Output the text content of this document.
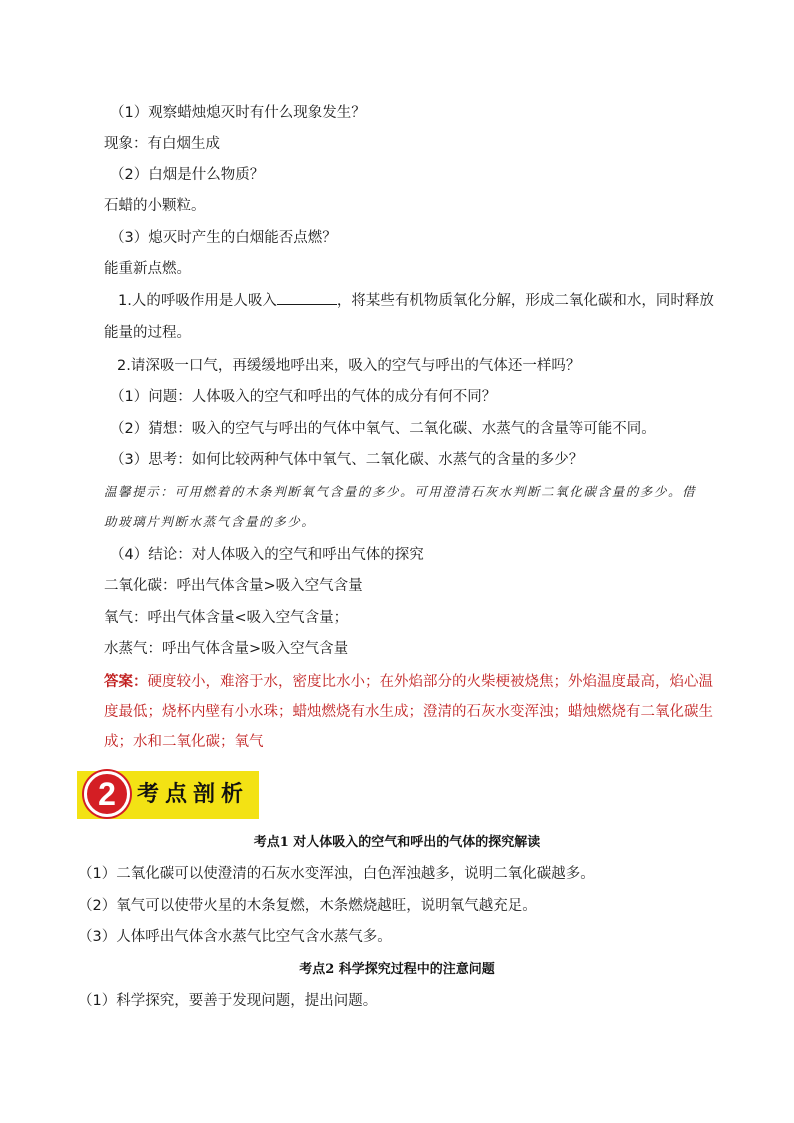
（1）观察蜡烛熄灭时有什么现象发生？
现象：有白烟生成
（2）白烟是什么物质？
石蜡的小颗粒。
（3）熄灭时产生的白烟能否点燃？
能重新点燃。
1.人的呼吸作用是人吸入	，将某些有机物质氧化分解，形成二氧化碳和水，同时释放能量的过程。
2.请深吸一口气，再缓缓地呼出来，吸入的空气与呼出的气体还一样吗？
（1）问题：人体吸入的空气和呼出的气体的成分有何不同？
（2）猜想：吸入的空气与呼出的气体中氧气、二氧化碳、水蒸气的含量等可能不同。
（3）思考：如何比较两种气体中氧气、二氧化碳、水蒸气的含量的多少？
温馨提示：可用燃着的木条判断氧气含量的多少。可用澄清石灰水判断二氧化碳含量的多少。借助玻璃片判断水蒸气含量的多少。
（4）结论：对人体吸入的空气和呼出气体的探究
二氧化碳：呼出气体含量>吸入空气含量
氧气：呼出气体含量<吸入空气含量；
水蒸气：呼出气体含量>吸入空气含量
答案：硬度较小，难溶于水，密度比水小；在外焰部分的火柴梗被烧焦；外焰温度最高，焰心温度最低；烧杯内壁有小水珠；蜡烛燃烧有水生成；澄清的石灰水变浑浊；蜡烛燃烧有二氧化碳生成；水和二氧化碳；氧气
2 考点剖析
考点1 对人体吸入的空气和呼出的气体的探究解读
（1）二氧化碳可以使澄清的石灰水变浑浊，白色浑浊越多，说明二氧化碳越多。
（2）氧气可以使带火星的木条复燃，木条燃烧越旺，说明氧气越充足。
（3）人体呼出气体含水蒸气比空气含水蒸气多。
考点2 科学探究过程中的注意问题
（1）科学探究，要善于发现问题，提出问题。
